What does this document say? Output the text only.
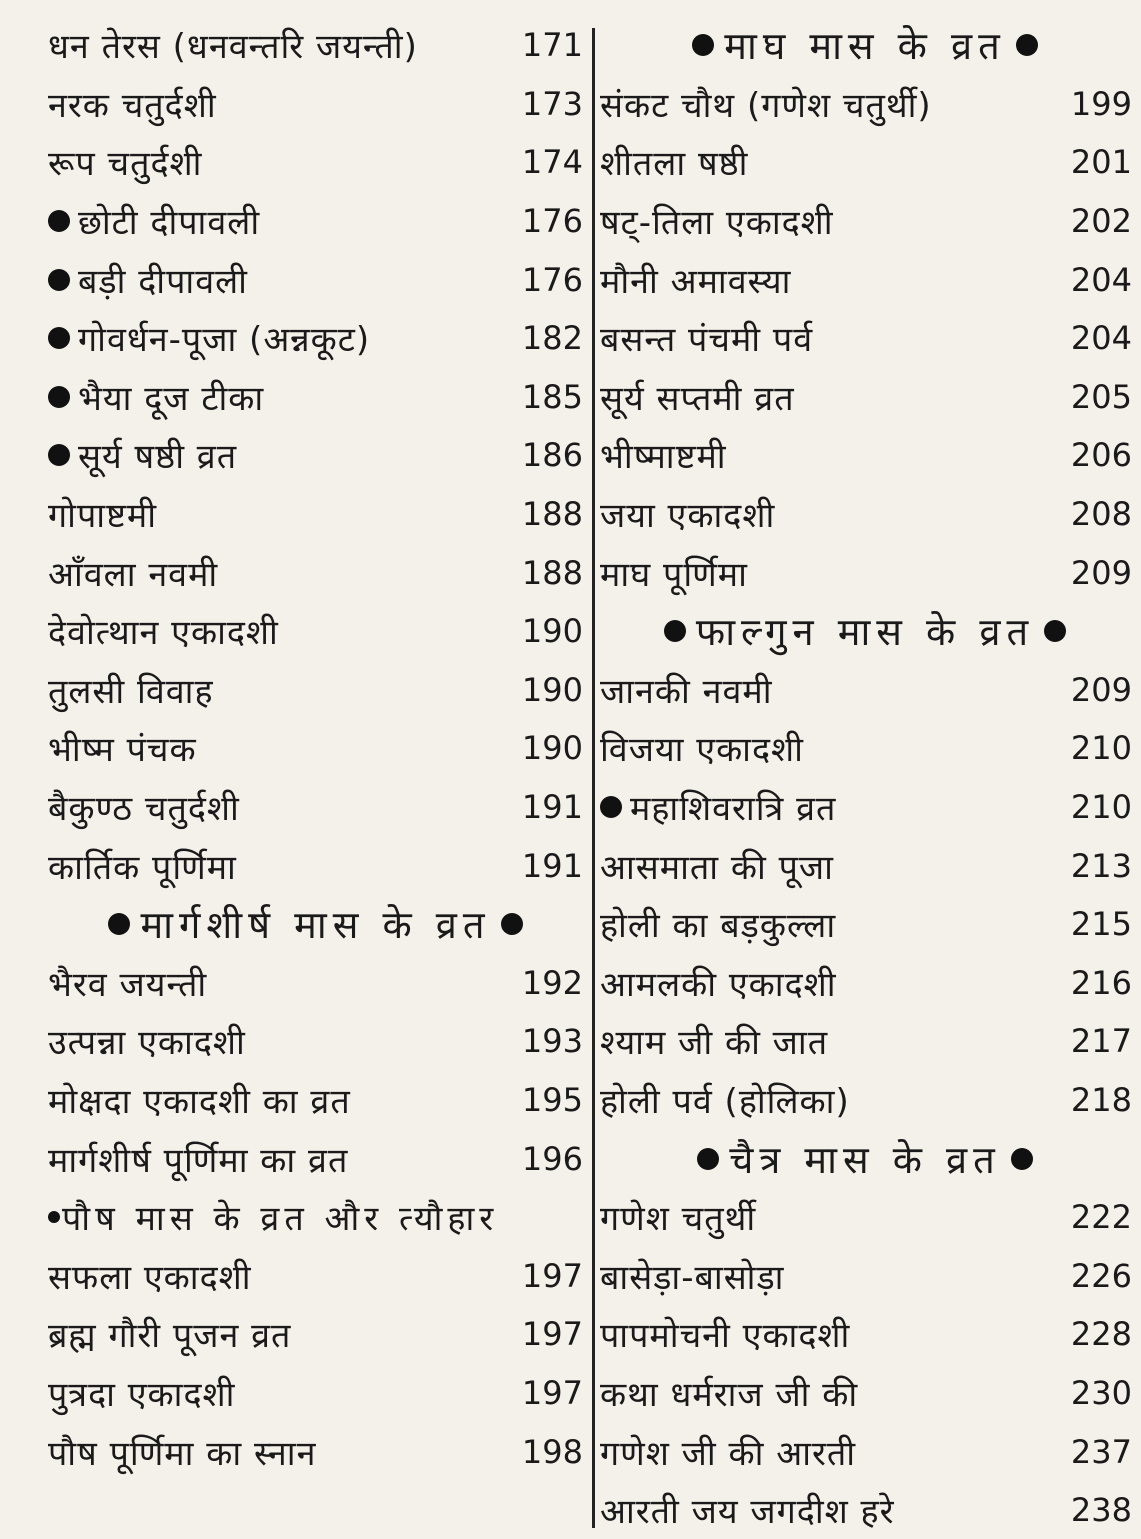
धन तेरस (धनवन्तरि जयन्ती)	171
नरक चतुर्दशी	173
रूप चतुर्दशी	174
छोटी दीपावली	176
बड़ी दीपावली	176
गोवर्धन-पूजा (अन्नकूट)	182
भैया दूज टीका	185
सूर्य षष्ठी व्रत	186
गोपाष्टमी	188
आँवला नवमी	188
देवोत्थान एकादशी	190
तुलसी विवाह	190
भीष्म पंचक	190
बैकुण्ठ चतुर्दशी	191
कार्तिक पूर्णिमा	191
मार्गशीर्ष मास के व्रत
भैरव जयन्ती	192
उत्पन्ना एकादशी	193
मोक्षदा एकादशी का व्रत	195
मार्गशीर्ष पूर्णिमा का व्रत	196
पौष मास के व्रत और त्यौहार
सफला एकादशी	197
ब्रह्म गौरी पूजन व्रत	197
पुत्रदा एकादशी	197
पौष पूर्णिमा का स्नान	198
माघ मास के व्रत
संकट चौथ (गणेश चतुर्थी)	199
शीतला षष्ठी	201
षट्-तिला एकादशी	202
मौनी अमावस्या	204
बसन्त पंचमी पर्व	204
सूर्य सप्तमी व्रत	205
भीष्माष्टमी	206
जया एकादशी	208
माघ पूर्णिमा	209
फाल्गुन मास के व्रत
जानकी नवमी	209
विजया एकादशी	210
महाशिवरात्रि व्रत	210
आसमाता की पूजा	213
होली का बड़कुल्ला	215
आमलकी एकादशी	216
श्याम जी की जात	217
होली पर्व (होलिका)	218
चैत्र मास के व्रत
गणेश चतुर्थी	222
बासेड़ा-बासोड़ा	226
पापमोचनी एकादशी	228
कथा धर्मराज जी की	230
गणेश जी की आरती	237
आरती जय जगदीश हरे	238
